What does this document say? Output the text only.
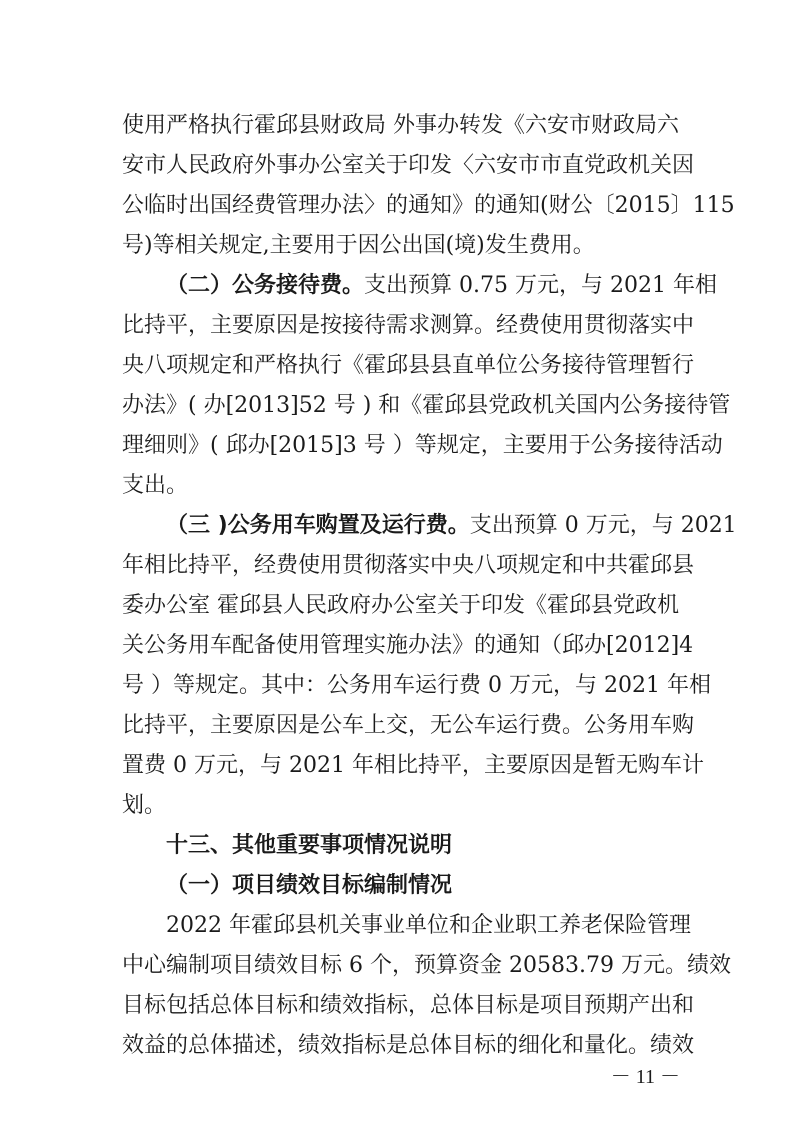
使用严格执行霍邱县财政局 外事办转发《六安市财政局六
安市人民政府外事办公室关于印发〈六安市市直党政机关因
公临时出国经费管理办法〉的通知》的通知(财公〔2015〕115
号)等相关规定,主要用于因公出国(境)发生费用。
（二）公务接待费。支出预算 0.75 万元，与 2021 年相
比持平，主要原因是按接待需求测算。经费使用贯彻落实中
央八项规定和严格执行《霍邱县县直单位公务接待管理暂行
办法》( 办[2013]52 号 ) 和《霍邱县党政机关国内公务接待管
理细则》( 邱办[2015]3 号 ）等规定，主要用于公务接待活动
支出。
（三 )公务用车购置及运行费。支出预算 0 万元，与 2021
年相比持平，经费使用贯彻落实中央八项规定和中共霍邱县
委办公室 霍邱县人民政府办公室关于印发《霍邱县党政机
关公务用车配备使用管理实施办法》的通知（邱办[2012]4
号 ）等规定。其中：公务用车运行费 0 万元，与 2021 年相
比持平，主要原因是公车上交，无公车运行费。公务用车购
置费 0 万元，与 2021 年相比持平，主要原因是暂无购车计
划。
十三、其他重要事项情况说明
（一）项目绩效目标编制情况
2022 年霍邱县机关事业单位和企业职工养老保险管理
中心编制项目绩效目标 6 个，预算资金 20583.79 万元。绩效
目标包括总体目标和绩效指标，总体目标是项目预期产出和
效益的总体描述，绩效指标是总体目标的细化和量化。绩效
－ 11 －
